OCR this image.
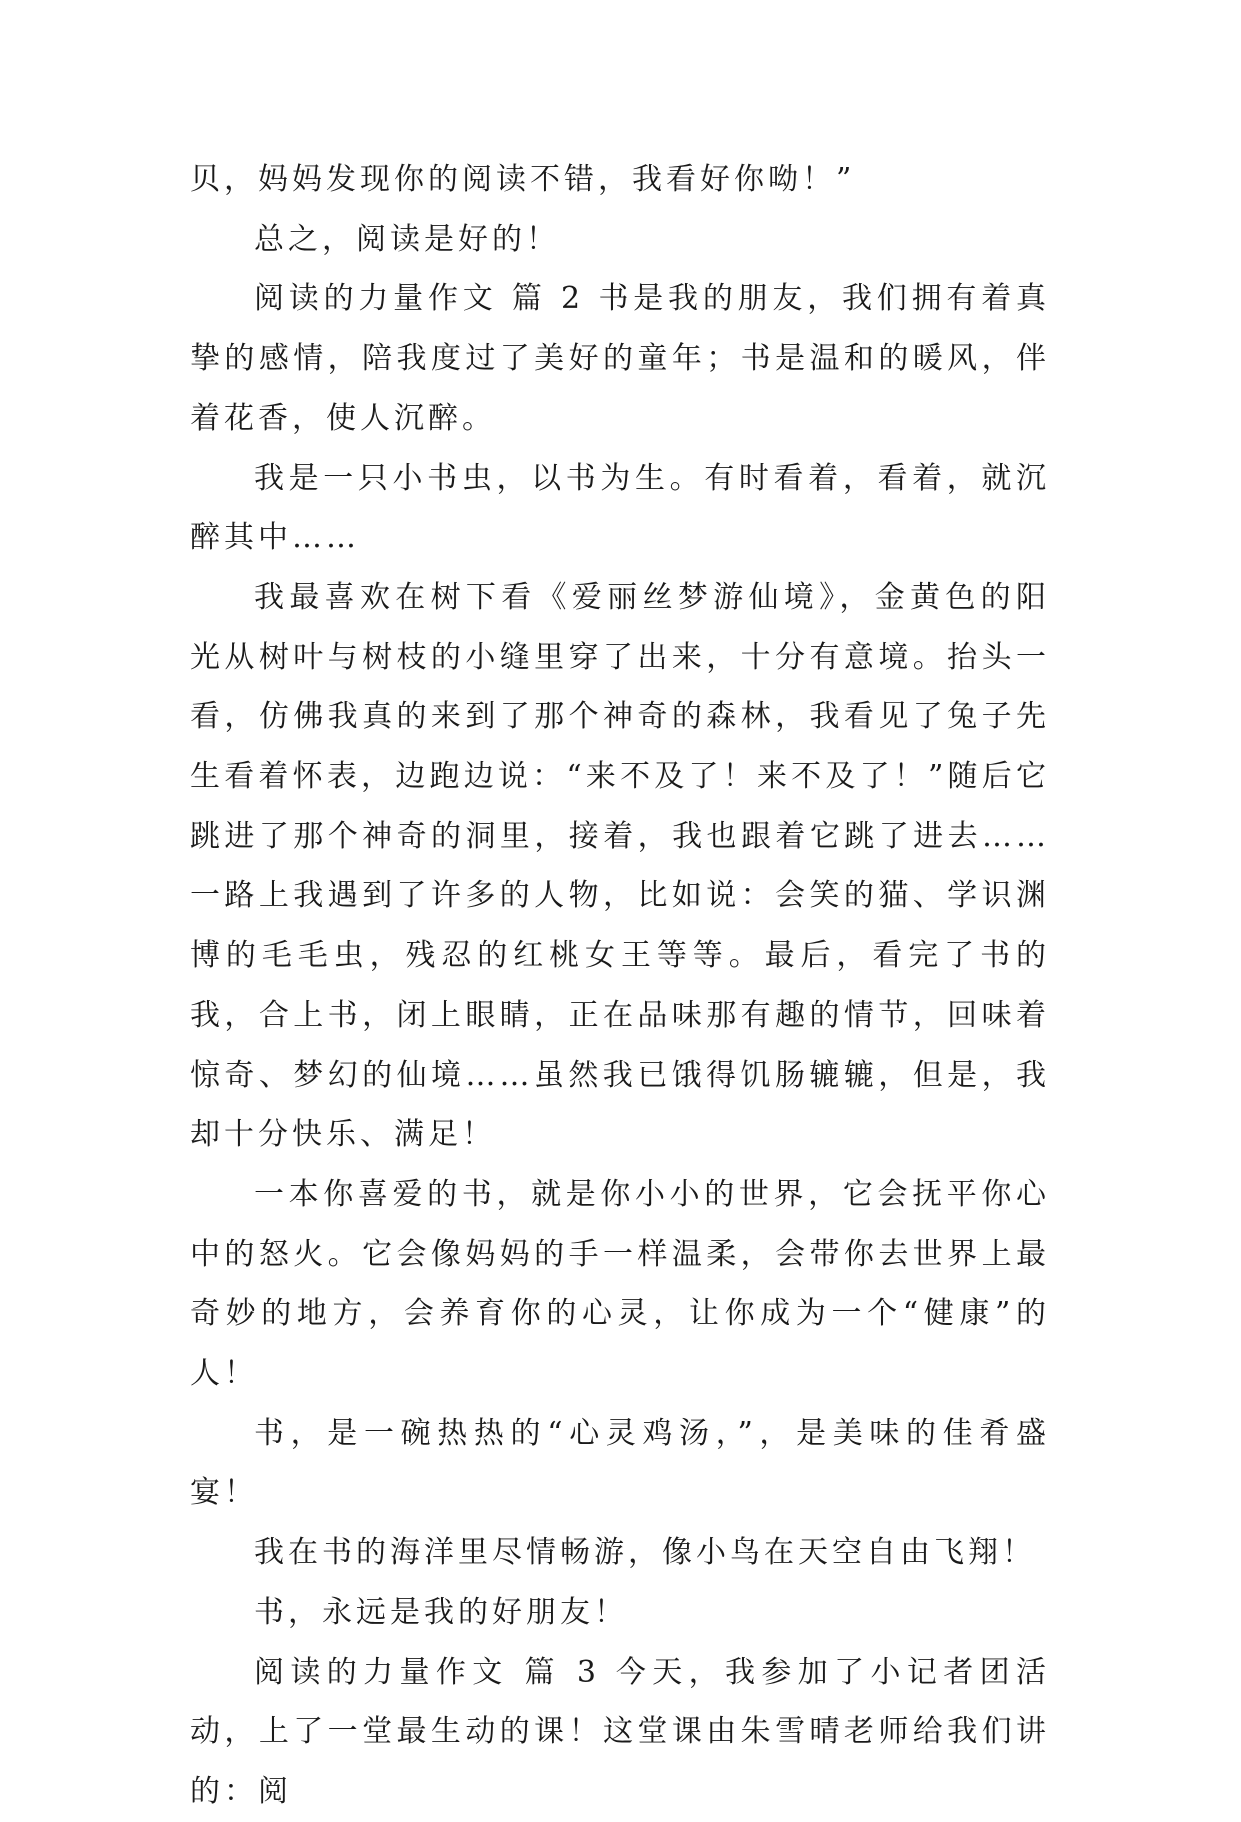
贝，妈妈发现你的阅读不错，我看好你呦！”

总之，阅读是好的！

阅读的力量作文 篇 2 书是我的朋友，我们拥有着真挚的感情，陪我度过了美好的童年；书是温和的暖风，伴着花香，使人沉醉。

我是一只小书虫，以书为生。有时看着，看着，就沉醉其中……

我最喜欢在树下看《爱丽丝梦游仙境》，金黄色的阳光从树叶与树枝的小缝里穿了出来，十分有意境。抬头一看，仿佛我真的来到了那个神奇的森林，我看见了兔子先生看着怀表，边跑边说：“来不及了！来不及了！”随后它跳进了那个神奇的洞里，接着，我也跟着它跳了进去……一路上我遇到了许多的人物，比如说：会笑的猫、学识渊博的毛毛虫，残忍的红桃女王等等。最后，看完了书的我，合上书，闭上眼睛，正在品味那有趣的情节，回味着惊奇、梦幻的仙境……虽然我已饿得饥肠辘辘，但是，我却十分快乐、满足！

一本你喜爱的书，就是你小小的世界，它会抚平你心中的怒火。它会像妈妈的手一样温柔，会带你去世界上最奇妙的地方，会养育你的心灵，让你成为一个“健康”的人！

书，是一碗热热的“心灵鸡汤，”，是美味的佳肴盛宴！

我在书的海洋里尽情畅游，像小鸟在天空自由飞翔！

书，永远是我的好朋友！

阅读的力量作文 篇 3 今天，我参加了小记者团活动，上了一堂最生动的课！这堂课由朱雪晴老师给我们讲的：阅
